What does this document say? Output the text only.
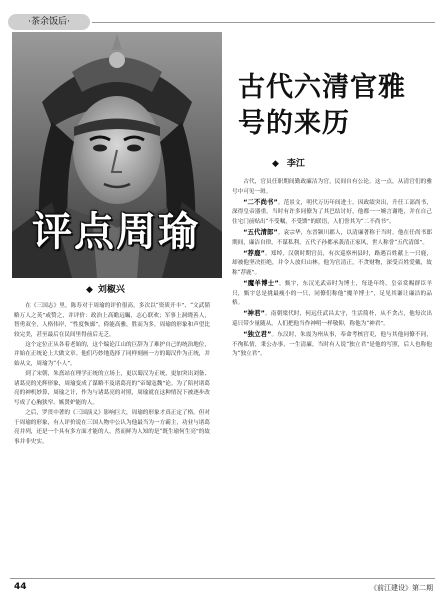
·茶余饭后·
评点周瑜
◆ 刘椒兴

在《三国志》里，陈寿对于周瑜的评价很高。多次以“资质开丰”、“文武韬略万人之英”或赞之，并评价：政治上高瞻远瞩，志心联欢；军事上洞晓善人，智勇双全，人格伟岸，“性度恢廓”，倚能高雅，胜而为多，周瑜的形象和声望比较完美，甚至最后在民间里得前后无乏。

这个定位正从各着老始的，这个编论江山的巨辞为了难护自己的统治地位，并始在正统论上大做文章。他们巧妙地选择了同样刻画一方的蜀汉作为正统，并始从文，周瑜为“小人”。

到了宋朝，朱熹站在理学正统的立场上，更以蜀汉为正统，更加突出刘备、诸葛亮的光辉形象，周瑜变成了谋略不及诸葛亮的“帝蜀寇魏”论。为了陪衬诸葛亮的神机妙算，周瑜之计，作为与诸葛亮的对照，周瑜就在这种情况下被逐步改写成了心胸狭窄、嫉贤妒能的人。

之后，罗贯中著的《三国演义》影响巨大，周瑜的形象才真正定了格。但对于周瑜的形象，有人评价说在三国人物中公认为他最当为一方霸主，功业与诸葛亮并列，还是一个具有多方面才能的人，然而鲜为人知的是“既生瑜何生亮”的故事并非史实。

古代六清官雅号的来历
◆ 李江

古代，官员任职期间勤政廉洁为官，民间自有公论。这一点，从清官们的雅号中可见一斑。

“二不尚书”。范景文，明代万历年间进士，因政绩突出，升任工部尚书，深得皇帝器重。当时有许多同僚为了其巴结讨好，他都一一婉言谢绝，并在自己住宅门前贴出“不受嘱，不受馈”的联语，人们誉其为“二不尚书”。

“五代清郎”。袁宗华，东晋颍川郡人，以清廉著称于当时，他在任尚书郎期间，廉洁自律，不谋私利，五代子孙都承袭清正家风，世人称誉“五代清郎”。

“荐鹿”。郑绰，汉朝时期官员，有次巡察州县时，路遇百姓献上一只鹿，却被他坚决拒绝，并令人放归山林。他为官清正，不贪财物，深受百姓爱戴，故称“荐鹿”。

“魔羊博士”。甄宇，东汉光武帝时为博士，每逢年终，皇帝赏赐群臣羊只，甄宇总是挑最瘦小的一只，同僚们称他“魔羊博士”，足见其谦让廉洁的品格。

“神君”。南朝梁代时，何远任武昌太守，生活简朴，从不贪占，他每次出巡只带少量随从，人们把他当作神明一样敬仰，称他为“神君”。

“独立君”。东汉时，朱震为州从事，奉命考核官吏，他与其他同僚不同，不徇私情，秉公办事，一生清廉，当时有人说“独立君”是他的写照，后人也称他为“独立君”。

44	《前江建设》第二期
